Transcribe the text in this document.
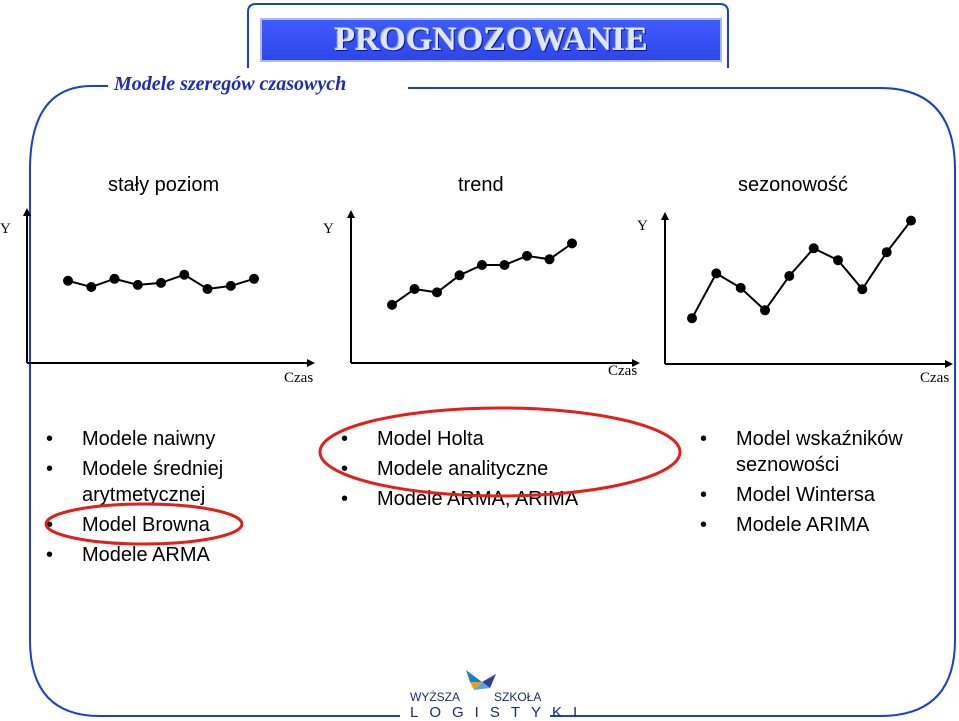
PROGNOZOWANIE
Modele szeregów czasowych
stały poziom	trend	sezonowość
Y
Czas
Y
Czas
Y
Czas
• Modele naiwny
• Modele średniej arytmetycznej
• Model Browna
• Modele ARMA
• Model Holta
• Modele analityczne
• Modele ARMA, ARIMA
• Model wskaźników seznowości
• Model Wintersa
• Modele ARIMA
WYŻSZA	SZKOŁA
LOGISTYKI
